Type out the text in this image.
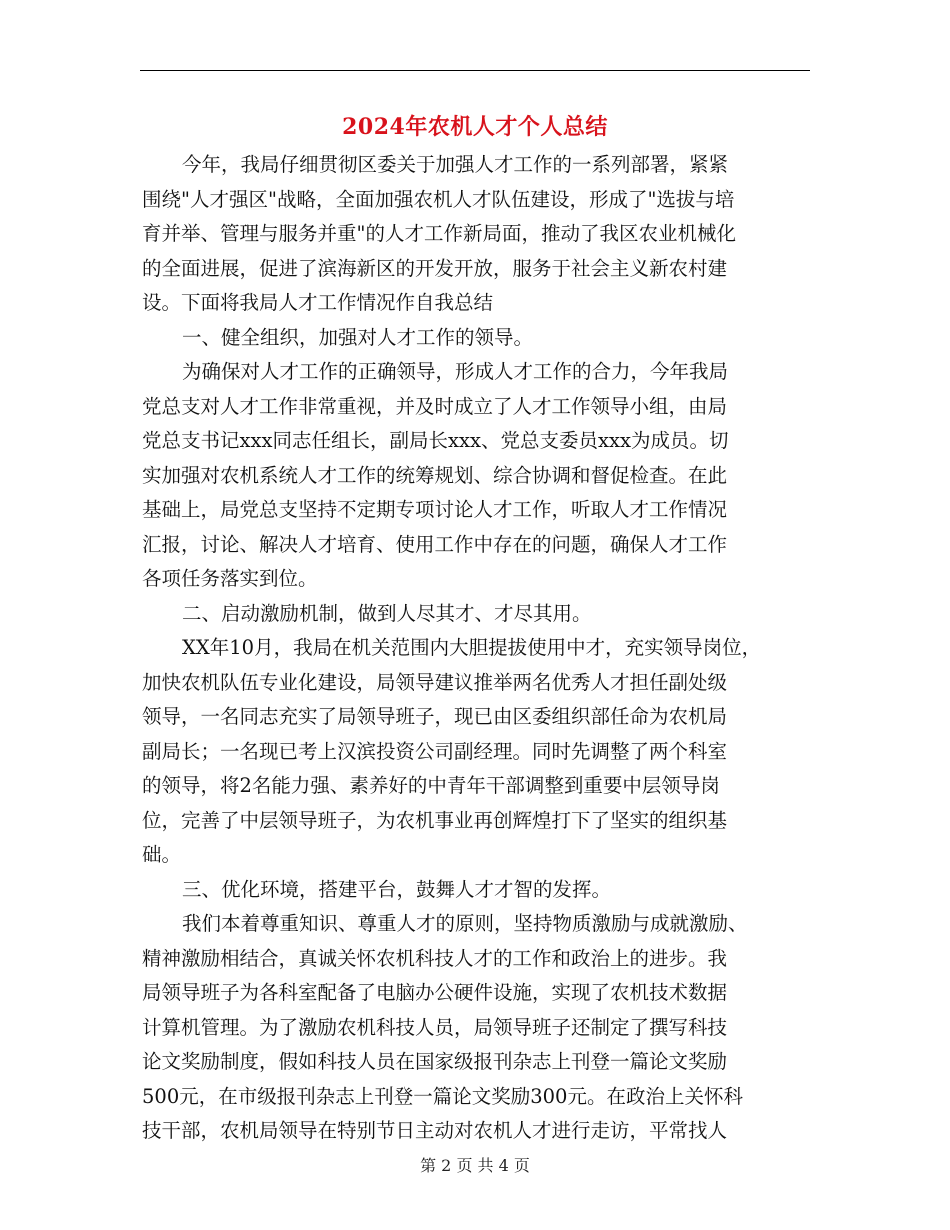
2024年农机人才个人总结
今年，我局仔细贯彻区委关于加强人才工作的一系列部署，紧紧
围绕"人才强区"战略，全面加强农机人才队伍建设，形成了"选拔与培
育并举、管理与服务并重"的人才工作新局面，推动了我区农业机械化
的全面进展，促进了滨海新区的开发开放，服务于社会主义新农村建
设。下面将我局人才工作情况作自我总结
一、健全组织，加强对人才工作的领导。
为确保对人才工作的正确领导，形成人才工作的合力，今年我局
党总支对人才工作非常重视，并及时成立了人才工作领导小组，由局
党总支书记xxx同志任组长，副局长xxx、党总支委员xxx为成员。切
实加强对农机系统人才工作的统筹规划、综合协调和督促检查。在此
基础上，局党总支坚持不定期专项讨论人才工作，听取人才工作情况
汇报，讨论、解决人才培育、使用工作中存在的问题，确保人才工作
各项任务落实到位。
二、启动激励机制，做到人尽其才、才尽其用。
XX年10月，我局在机关范围内大胆提拔使用中才，充实领导岗位，
加快农机队伍专业化建设，局领导建议推举两名优秀人才担任副处级
领导，一名同志充实了局领导班子，现已由区委组织部任命为农机局
副局长；一名现已考上汉滨投资公司副经理。同时先调整了两个科室
的领导，将2名能力强、素养好的中青年干部调整到重要中层领导岗
位，完善了中层领导班子，为农机事业再创辉煌打下了坚实的组织基
础。
三、优化环境，搭建平台，鼓舞人才才智的发挥。
我们本着尊重知识、尊重人才的原则，坚持物质激励与成就激励、
精神激励相结合，真诚关怀农机科技人才的工作和政治上的进步。我
局领导班子为各科室配备了电脑办公硬件设施，实现了农机技术数据
计算机管理。为了激励农机科技人员，局领导班子还制定了撰写科技
论文奖励制度，假如科技人员在国家级报刊杂志上刊登一篇论文奖励
500元，在市级报刊杂志上刊登一篇论文奖励300元。在政治上关怀科
技干部，农机局领导在特别节日主动对农机人才进行走访，平常找人
第 2 页 共 4 页
